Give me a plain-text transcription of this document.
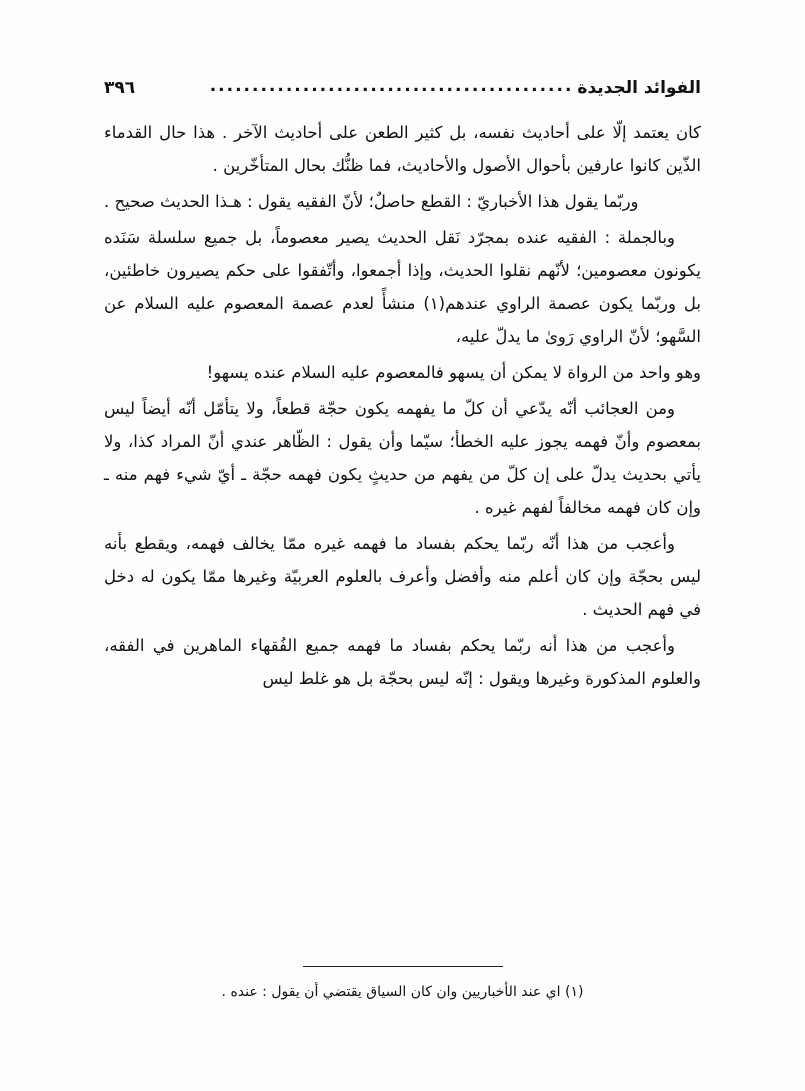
الفوائد الجديدة
...........................................
٣٩٦

كان يعتمد إلّا على أحاديث نفسه، بل كثير الطعن على أحاديث الآخر . هذا حال القدماء الذّين كانوا عارفين بأحوال الأصول والأحاديث، فما ظنُّك بحال المتأخّرين .

وربّما يقول هذا الأخباريّ : القطع حاصلٌ؛ لأنّ الفقيه يقول : هـذا الحديث صحيح .

وبالجملة : الفقيه عنده بمجرّد نَقل الحديث يصير معصوماً، بل جميع سلسلة سَنَده يكونون معصومين؛ لأنّهم نقلوا الحديث، وإذا أجمعوا، وأتّفقوا على حكم يصيرون خاطئين، بل وربّما يكون عصمة الراوي عندهم(١) منشأً لعدم عصمة المعصوم عليه السلام عن السَّهو؛ لأنّ الراوي رَوىٰ ما يدلّ عليه،

وهو واحد من الرواة لا يمكن أن يسهو فالمعصوم عليه السلام عنده يسهو!

ومن العجائب أنّه يدّعي أن كلّ ما يفهمه يكون حجّة قطعاً، ولا يتأمّل أنّه أيضاً ليس بمعصوم وأنّ فهمه يجوز عليه الخطأ؛ سيّما وأن يقول : الظّاهر عندي أنّ المراد كذا، ولا يأتي بحديث يدلّ على إن كلّ من يفهم من حديثٍ يكون فهمه حجّة ـ أيّ شيء فهم منه ـ وإن كان فهمه مخالفاً لفهم غيره .

وأعجب من هذا أنّه ربّما يحكم بفساد ما فهمه غيره ممّا يخالف فهمه، ويقطع بأنه ليس بحجّة وإن كان أعلم منه وأفضل وأعرف بالعلوم العربيّة وغيرها ممّا يكون له دخل في فهم الحديث .

وأعجب من هذا أنه ربّما يحكم بفساد ما فهمه جميع الفُقهاء الماهرين في الفقه، والعلوم المذكورة وغيرها ويقول : إنّه ليس بحجّة بل هو غلط ليس

(١) اي عند الأخباريين وان كان السياق يقتضي أن يقول : عنده .
